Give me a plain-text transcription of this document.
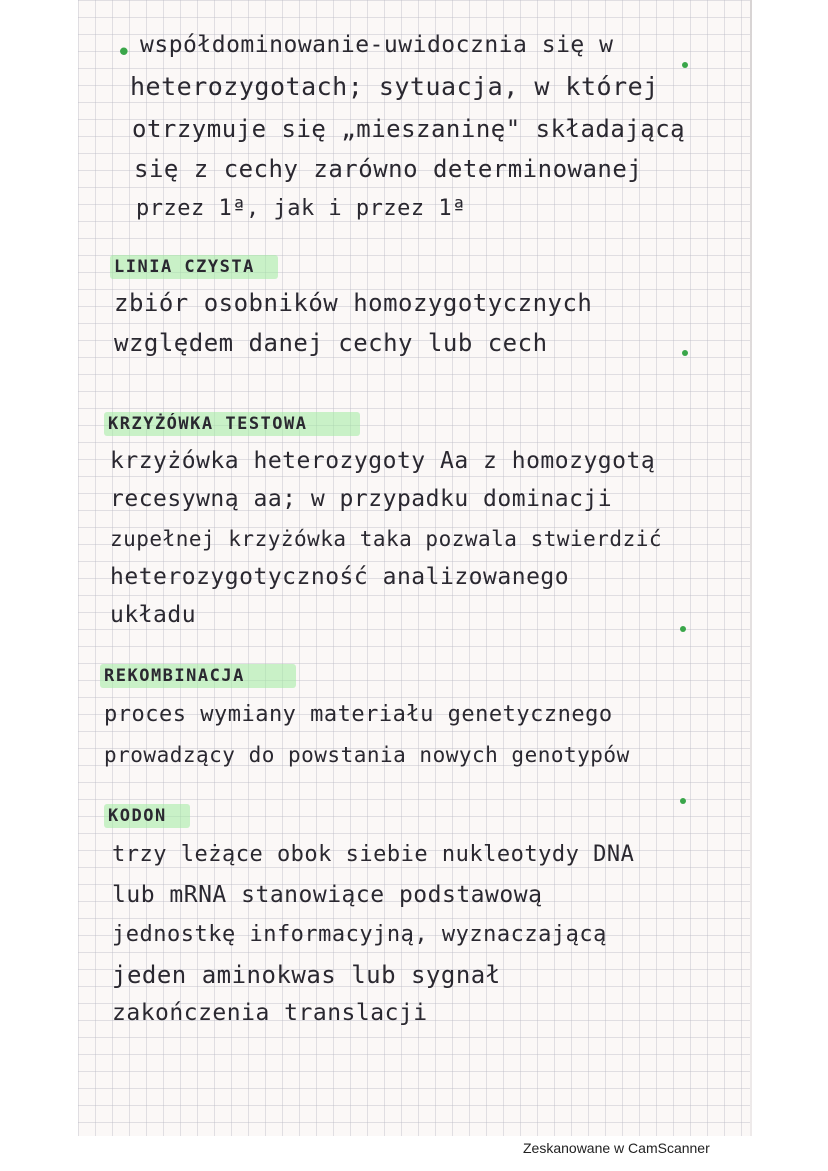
• współdominowanie-uwidocznia się w
heterozygotach; sytuacja, w której
otrzymuje się „mieszaninę" składającą
się z cechy zarówno determinowanej
przez 1ª, jak i przez 1ª
LINIA CZYSTA
zbiór osobników homozygotycznych
względem danej cechy lub cech
KRZYŻÓWKA TESTOWA
krzyżówka heterozygoty Aa z homozygotą
recesywną aa; w przypadku dominacji
zupełnej krzyżówka taka pozwala stwierdzić
heterozygotyczność analizowanego
układu
REKOMBINACJA
proces wymiany materiału genetycznego
prowadzący do powstania nowych genotypów
KODON
trzy leżące obok siebie nukleotydy DNA
lub mRNA stanowiące podstawową
jednostkę informacyjną, wyznaczającą
jeden aminokwas lub sygnał
zakończenia translacji
Zeskanowane w CamScanner
